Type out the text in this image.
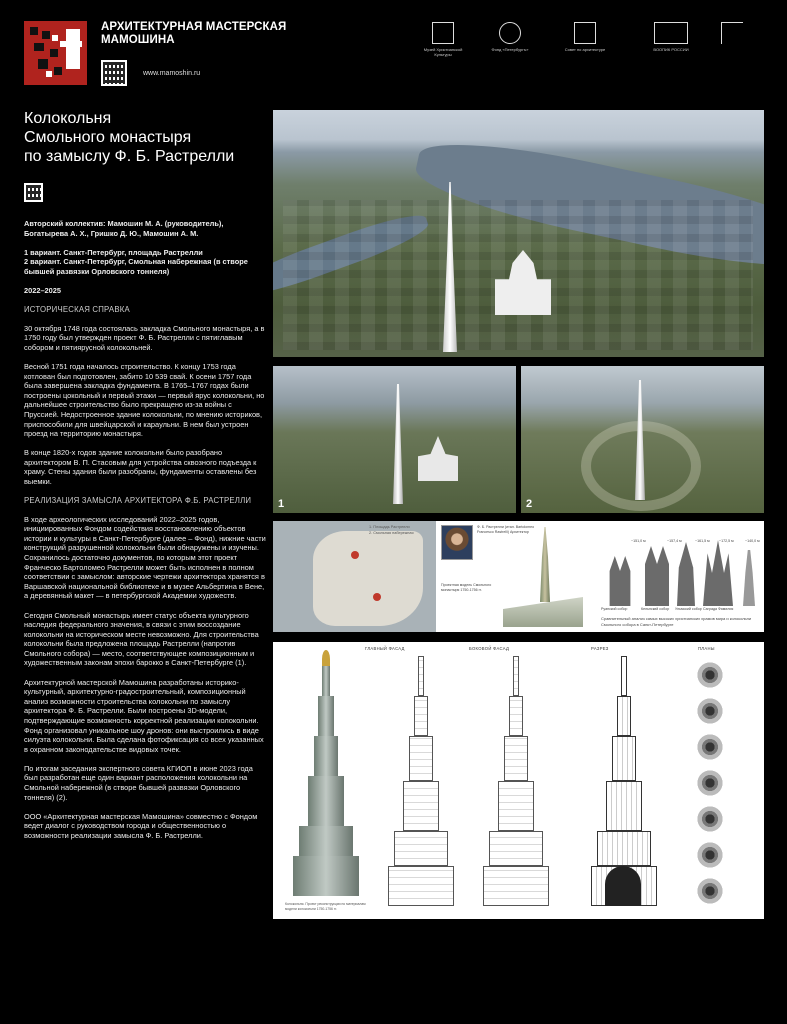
АРХИТЕКТУРНАЯ МАСТЕРСКАЯ
МАМОШИНА
www.mamoshin.ru
Музей Христианской Культуры
Фонд «Петербургъ»	Совет по архитектуре	ВООПИК РОССИИ
Колокольня
Смольного монастыря
по замыслу Ф. Б. Растрелли

Авторский коллектив: Мамошин М. А. (руководитель), Богатырева А. Х., Гришко Д. Ю., Мамошин А. М.

1 вариант. Санкт-Петербург, площадь Растрелли
2 вариант. Санкт-Петербург, Смольная набережная (в створе бывшей развязки Орловского тоннеля)

2022–2025

ИСТОРИЧЕСКАЯ СПРАВКА

30 октября 1748 года состоялась закладка Смольного монастыря, а в 1750 году был утвержден проект Ф. Б. Растрелли с пятиглавым собором и пятиярусной колокольней.

Весной 1751 года началось строительство. К концу 1753 года котлован был подготовлен, забито 10 539 свай. К осени 1757 года была завершена закладка фундамента. В 1765–1767 годах были построены цокольный и первый этажи — первый ярус колокольни, но дальнейшее строительство было прекращено из-за войны с Пруссией. Недостроенное здание колокольни, по мнению историков, приспособили для швейцарской и караульни. В нем был устроен проезд на территорию монастыря.

В конце 1820-х годов здание колокольни было разобрано архитектором В. П. Стасовым для устройства сквозного подъезда к храму. Стены здания были разобраны, фундаменты оставлены без выемки.

РЕАЛИЗАЦИЯ ЗАМЫСЛА АРХИТЕКТОРА Ф.Б. РАСТРЕЛЛИ

В ходе археологических исследований 2022–2025 годов, инициированных Фондом содействия восстановлению объектов истории и культуры в Санкт-Петербурге (далее – Фонд), нижние части конструкций разрушенной колокольни были обнаружены и изучены. Сохранилось достаточно документов, по которым этот проект Франческо Бартоломео Растрелли может быть исполнен в полном соответствии с замыслом: авторские чертежи архитектора хранятся в Варшавской национальной библиотеке и в музее Альбертина в Вене, а деревянный макет — в петербургской Академии художеств.

Сегодня Смольный монастырь имеет статус объекта культурного наследия федерального значения, в связи с этим воссоздание колокольни на историческом месте невозможно. Для строительства колокольни была предложена площадь Растрелли (напротив Смольного собора) — место, соответствующее композиционным и художественным законам эпохи барокко в Санкт-Петербурге (1).

Архитектурной мастерской Мамошина разработаны историко-культурный, архитектурно-градостроительный, композиционный анализ возможности строительства колокольни по замыслу архитектора Ф. Б. Растрелли. Были построены 3D-модели, подтверждающие возможность корректной реализации колокольни. Фонд организовал уникальное шоу дронов: они выстроились в виде силуэта колокольни. Была сделана фотофиксация со всех указанных в охранном законодательстве видовых точек.

По итогам заседания экспертного совета КГИОП в июне 2023 года был разработан еще один вариант расположения колокольни на Смольной набережной (в створе бывшей развязки Орловского тоннеля) (2).

ООО «Архитектурная мастерская Мамошина» совместно с Фондом ведет диалог с руководством города и общественностью о возможности реализации замысла Ф. Б. Растрелли.

1	2
1. Площадь Растрелли
2. Смольная набережная
Ф. Б. Растрелли (итал. Bartolomeo Francesco Rastrelli) Архитектор
Проектная модель Смольного монастыря 1750-1756 гг.
~151,0 м	~157,4 м	~161,5 м	~172,5 м	~140,0 м
Руанский собор	Кельнский собор Ульмский собор Саграда Фамилия
Сравнительный анализ самых высоких христианских храмов мира и колокольни Смольного собора в Санкт-Петербурге
ГЛАВНЫЙ ФАСАД	БОКОВОЙ ФАСАД	РАЗРЕЗ	ПЛАНЫ
Колокольня. Проект реконструкции по материалам модели колокольни 1750-1756 гг.
